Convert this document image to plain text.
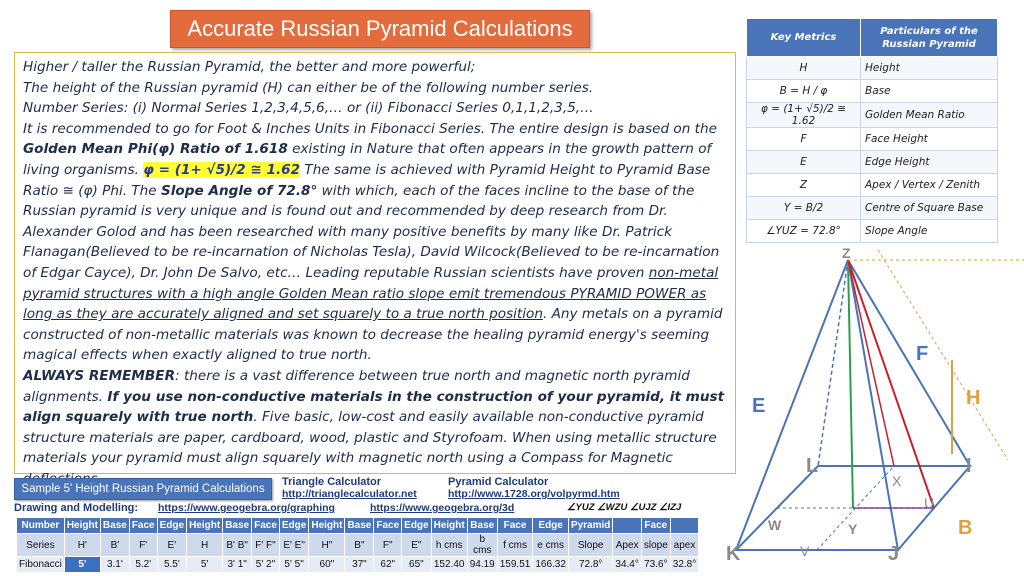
Accurate Russian Pyramid Calculations
Higher / taller the Russian Pyramid, the better and more powerful;
The height of the Russian pyramid (H) can either be of the following number series.
Number Series: (i) Normal Series 1,2,3,4,5,6,… or (ii) Fibonacci Series 0,1,1,2,3,5,…
It is recommended to go for Foot & Inches Units in Fibonacci Series. The entire design is based on the Golden Mean Phi(φ) Ratio of 1.618 existing in Nature that often appears in the growth pattern of living organisms. φ = (1+ √5)/2 ≅ 1.62 The same is achieved with Pyramid Height to Pyramid Base Ratio ≅ (φ) Phi. The Slope Angle of 72.8° with which, each of the faces incline to the base of the Russian pyramid is very unique and is found out and recommended by deep research from Dr. Alexander Golod and has been researched with many positive benefits by many like Dr. Patrick Flanagan(Believed to be re-incarnation of Nicholas Tesla), David Wilcock(Believed to be re-incarnation of Edgar Cayce), Dr. John De Salvo, etc… Leading reputable Russian scientists have proven non-metal pyramid structures with a high angle Golden Mean ratio slope emit tremendous PYRAMID POWER as long as they are accurately aligned and set squarely to a true north position. Any metals on a pyramid constructed of non-metallic materials was known to decrease the healing pyramid energy's seeming magical effects when exactly aligned to true north.
ALWAYS REMEMBER: there is a vast difference between true north and magnetic north pyramid alignments. If you use non-conductive materials in the construction of your pyramid, it must align squarely with true north. Five basic, low-cost and easily available non-conductive pyramid structure materials are paper, cardboard, wood, plastic and Styrofoam. When using metallic structure materials your pyramid must align squarely with magnetic north using a Compass for Magnetic
Key Metrics	Particulars of the Russian Pyramid
H	Height
B = H / φ	Base
φ = (1+ √5)/2 ≅ 1.62	Golden Mean Ratio
F	Face Height
E	Edge Height
Z	Apex / Vertex / Zenith
Y = B/2	Centre of Square Base
∠YUZ = 72.8°	Slope Angle
Sample 5' Height Russian Pyramid Calculations
Triangle Calculator
http://trianglecalculator.net
Pyramid Calculator
http://www.1728.org/volpyrmd.htm
Drawing and Modelling: https://www.geogebra.org/graphing	https://www.geogebra.org/3d	∠YUZ ∠WZU ∠UJZ ∠IZJ
Number	Height	Base	Face	Edge	Height	Base	Face	Edge	Height	Base	Face	Edge	Height	Base	Face	Edge	Pyramid		Face	
Series	H'	B'	F'	E'	H	B' B"	F' F"	E' E"	H"	B"	F"	E"	h cms	b cms	f cms	e cms	Slope	Apex	slope	apex
Fibonacci	5'	3.1'	5.2'	5.5'	5'	3' 1"	5' 2"	5' 5"	60"	37"	62"	65"	152.40	94.19	159.51	166.32	72.8°	34.4°	73.6°	32.8°
Z
F
E	H
L	I
K	J
W
V
Y
X
U
B
